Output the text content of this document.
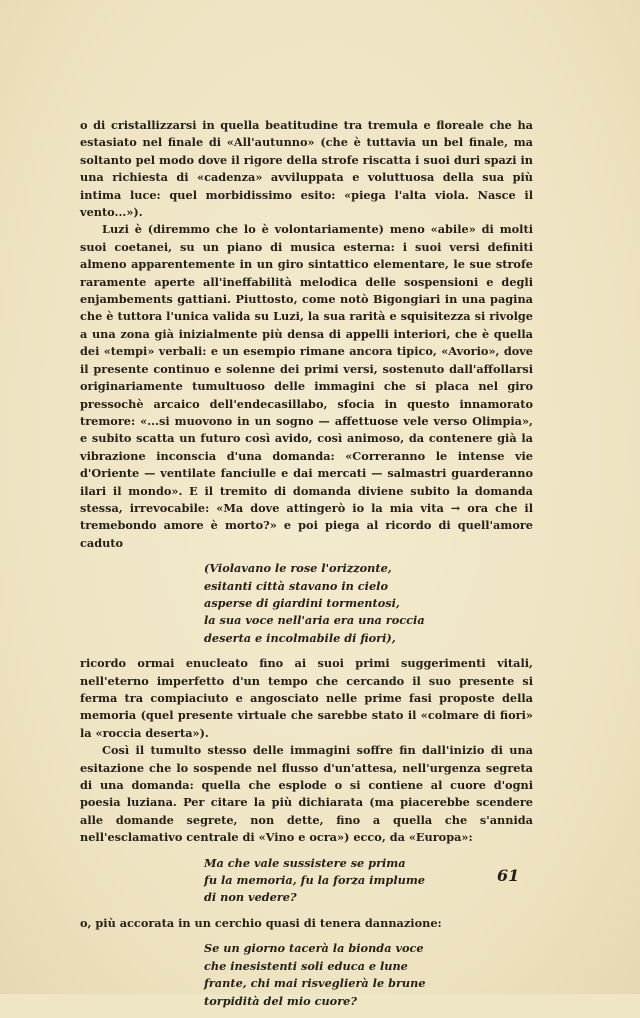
o di cristallizzarsi in quella beatitudine tra tremula e floreale che ha estasiato nel finale di «All'autunno» (che è tuttavia un bel finale, ma soltanto pel modo dove il rigore della strofe riscatta i suoi duri spazi in una richiesta di «cadenza» avviluppata e voluttuosa della sua più intima luce: quel morbidissimo esito: «piega l'alta viola. Nasce il vento...»).

Luzi è (diremmo che lo è volontariamente) meno «abile» di molti suoi coetanei, su un piano di musica esterna: i suoi versi definiti almeno apparentemente in un giro sintattico elementare, le sue strofe raramente aperte all'ineffabilità melodica delle sospensioni e degli enjambements gattiani. Piuttosto, come notò Bigongiari in una pagina che è tuttora l'unica valida su Luzi, la sua rarità e squisitezza si rivolge a una zona già inizialmente più densa di appelli interiori, che è quella dei «tempi» verbali: e un esempio rimane ancora tipico, «Avorio», dove il presente continuo e solenne dei primi versi, sostenuto dall'affollarsi originariamente tumultuoso delle immagini che si placa nel giro pressochè arcaico dell'endecasillabo, sfocia in questo innamorato tremore: «...si muovono in un sogno — affettuose vele verso Olimpia», e subito scatta un futuro così avido, così animoso, da contenere già la vibrazione inconscia d'una domanda: «Correranno le intense vie d'Oriente — ventilate fanciulle e dai mercati — salmastri guarderanno ilari il mondo». E il tremito di domanda diviene subito la domanda stessa, irrevocabile: «Ma dove attingerò io la mia vita → ora che il tremebondo amore è morto?» e poi piega al ricordo di quell'amore caduto

(Violavano le rose l'orizzonte,
esitanti città stavano in cielo
asperse di giardini tormentosi,
la sua voce nell'aria era una roccia
deserta e incolmabile di fiori),

ricordo ormai enucleato fino ai suoi primi suggerimenti vitali, nell'eterno imperfetto d'un tempo che cercando il suo presente si ferma tra compiaciuto e angosciato nelle prime fasi proposte della memoria (quel presente virtuale che sarebbe stato il «colmare di fiori» la «roccia deserta»).

Così il tumulto stesso delle immagini soffre fin dall'inizio di una esitazione che lo sospende nel flusso d'un'attesa, nell'urgenza segreta di una domanda: quella che esplode o si contiene al cuore d'ogni poesia luziana. Per citare la più dichiarata (ma piacerebbe scendere alle domande segrete, non dette, fino a quella che s'annida nell'esclamativo centrale di «Vino e ocra») ecco, da «Europa»:

Ma che vale sussistere se prima
fu la memoria, fu la forza implume
di non vedere?

o, più accorata in un cerchio quasi di tenera dannazione:

Se un giorno tacerà la bionda voce
che inesistenti soli educa e lune
frante, chi mai risveglierà le brune
torpidità del mio cuore?
61
